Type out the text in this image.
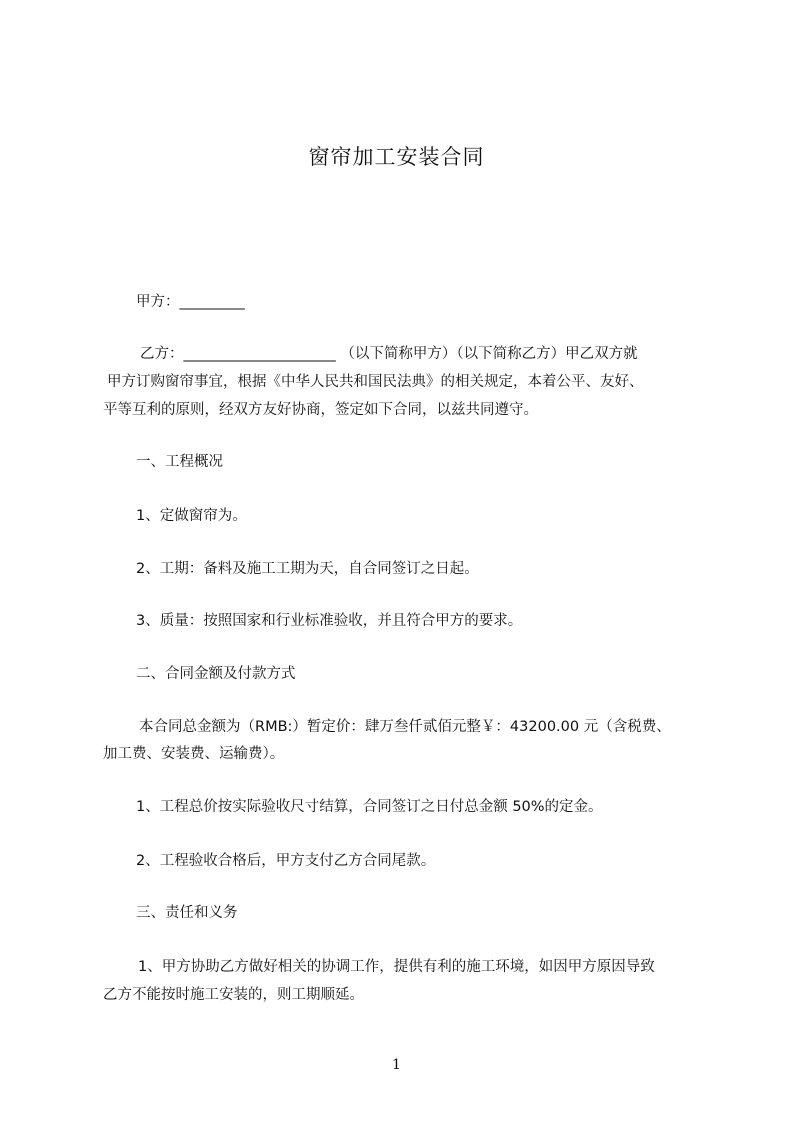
窗帘加工安装合同
甲方：_________
乙方：_____________________ （以下简称甲方）（以下简称乙方）甲乙双方就
甲方订购窗帘事宜，根据《中华人民共和国民法典》的相关规定，本着公平、友好、
平等互利的原则，经双方友好协商，签定如下合同，以兹共同遵守。
一、工程概况
1、定做窗帘为。
2、工期：备料及施工工期为天，自合同签订之日起。
3、质量：按照国家和行业标准验收，并且符合甲方的要求。
二、合同金额及付款方式
本合同总金额为（RMB:）暂定价：肆万叁仟贰佰元整￥：43200.00 元（含税费、
加工费、安装费、运输费）。
1、工程总价按实际验收尺寸结算，合同签订之日付总金额 50%的定金。
2、工程验收合格后，甲方支付乙方合同尾款。
三、责任和义务
1、甲方协助乙方做好相关的协调工作，提供有利的施工环境，如因甲方原因导致
乙方不能按时施工安装的，则工期顺延。
1
